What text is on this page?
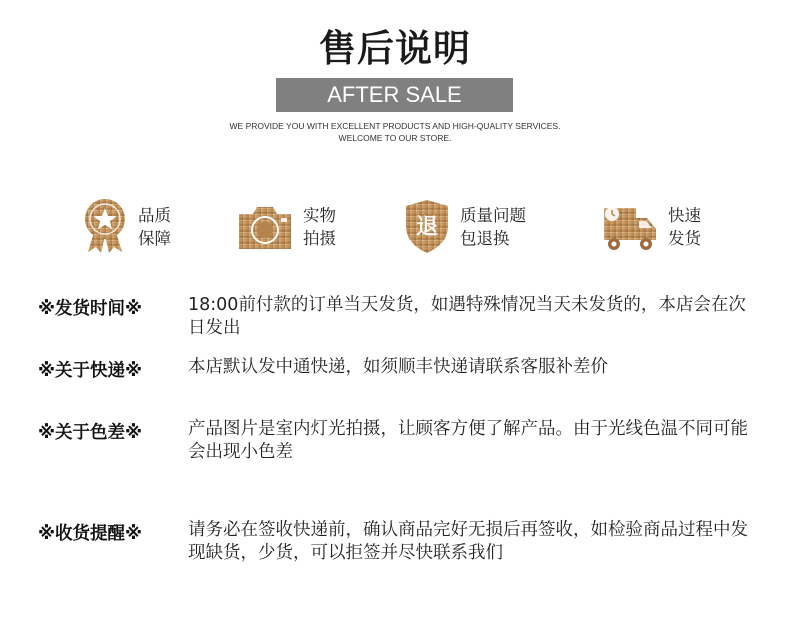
售后说明
AFTER SALE
WE PROVIDE YOU WITH EXCELLENT PRODUCTS AND HIGH-QUALITY SERVICES.
WELCOME TO OUR STORE.
品质
保障
实物
拍摄	退	质量问题
包退换
快速
发货
※发货时间※	18:00前付款的订单当天发货，如遇特殊情况当天未发货的，本店会在次日发出
※关于快递※	本店默认发中通快递，如须顺丰快递请联系客服补差价
※关于色差※	产品图片是室内灯光拍摄，让顾客方便了解产品。由于光线色温不同可能会出现小色差
※收货提醒※	请务必在签收快递前，确认商品完好无损后再签收，如检验商品过程中发现缺货，少货，可以拒签并尽快联系我们
